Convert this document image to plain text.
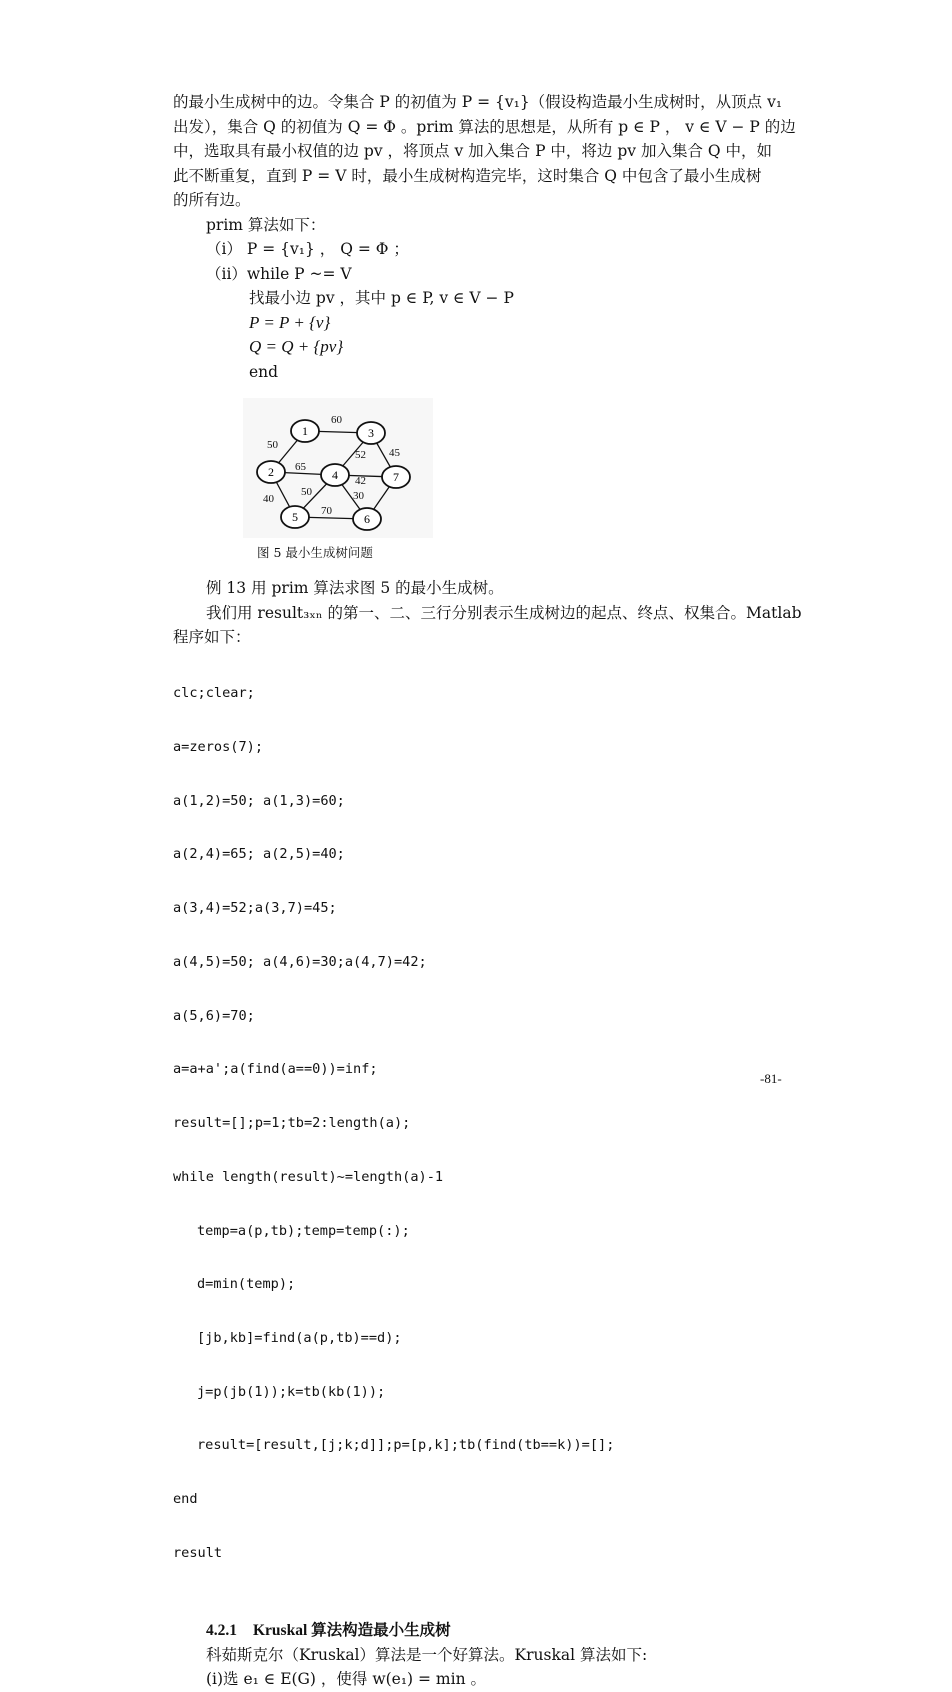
的最小生成树中的边。令集合 P 的初值为 P = {v₁}（假设构造最小生成树时，从顶点 v₁

出发），集合 Q 的初值为 Q = Φ 。prim 算法的思想是，从所有 p ∈ P ， v ∈ V − P 的边

中，选取具有最小权值的边 pv ，将顶点 v 加入集合 P 中，将边 pv 加入集合 Q 中，如

此不断重复，直到 P = V 时，最小生成树构造完毕，这时集合 Q 中包含了最小生成树

的所有边。

prim 算法如下：

（i） P = {v₁} ， Q = Φ ；

（ii）while P ~= V

找最小边 pv ，其中 p ∈ P, v ∈ V − P

P = P + {v}

Q = Q + {pv}

end

60
50
52 45
65
42
50	30
40
70
1
2
3
4
5	6
7
图 5 最小生成树问题

例 13 用 prim 算法求图 5 的最小生成树。

我们用 result₃ₓₙ 的第一、二、三行分别表示生成树边的起点、终点、权集合。Matlab

程序如下：

clc;clear;

a=zeros(7);

a(1,2)=50; a(1,3)=60;

a(2,4)=65; a(2,5)=40;

a(3,4)=52;a(3,7)=45;

a(4,5)=50; a(4,6)=30;a(4,7)=42;

a(5,6)=70;

a=a+a';a(find(a==0))=inf;

result=[];p=1;tb=2:length(a);

while length(result)~=length(a)-1

temp=a(p,tb);temp=temp(:);

d=min(temp);

[jb,kb]=find(a(p,tb)==d);

j=p(jb(1));k=tb(kb(1));

result=[result,[j;k;d]];p=[p,k];tb(find(tb==k))=[];

end

result

4.2.1 Kruskal 算法构造最小生成树

科茹斯克尔（Kruskal）算法是一个好算法。Kruskal 算法如下:

(i)选 e₁ ∈ E(G) ，使得 w(e₁) = min 。

-81-
